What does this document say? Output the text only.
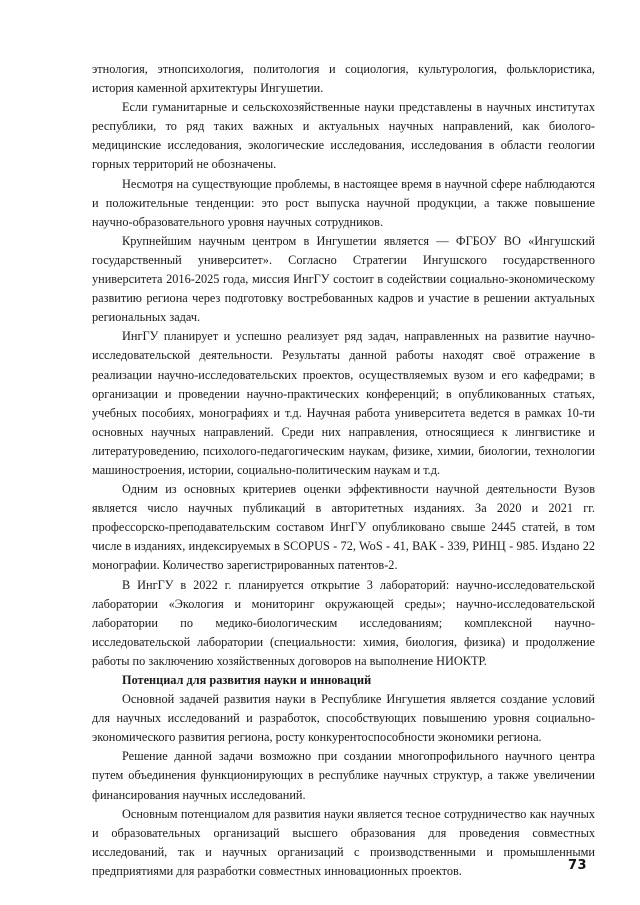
этнология, этнопсихология, политология и социология, культурология, фольклористика, история каменной архитектуры Ингушетии.

Если гуманитарные и сельскохозяйственные науки представлены в научных институтах республики, то ряд таких важных и актуальных научных направлений, как биолого-медицинские исследования, экологические исследования, исследования в области геологии горных территорий не обозначены.

Несмотря на существующие проблемы, в настоящее время в научной сфере наблюдаются и положительные тенденции: это рост выпуска научной продукции, а также повышение научно-образовательного уровня научных сотрудников.

Крупнейшим научным центром в Ингушетии является — ФГБОУ ВО «Ингушский государственный университет». Согласно Стратегии Ингушского государственного университета 2016-2025 года, миссия ИнгГУ состоит в содействии социально-экономическому развитию региона через подготовку востребованных кадров и участие в решении актуальных региональных задач.

ИнгГУ планирует и успешно реализует ряд задач, направленных на развитие научно-исследовательской деятельности. Результаты данной работы находят своё отражение в реализации научно-исследовательских проектов, осуществляемых вузом и его кафедрами; в организации и проведении научно-практических конференций; в опубликованных статьях, учебных пособиях, монографиях и т.д. Научная работа университета ведется в рамках 10-ти основных научных направлений. Среди них направления, относящиеся к лингвистике и литературоведению, психолого-педагогическим наукам, физике, химии, биологии, технологии машиностроения, истории, социально-политическим наукам и т.д.

Одним из основных критериев оценки эффективности научной деятельности Вузов является число научных публикаций в авторитетных изданиях. За 2020 и 2021 гг. профессорско-преподавательским составом ИнгГУ опубликовано свыше 2445 статей, в том числе в изданиях, индексируемых в SCOPUS - 72, WoS - 41, ВАК - 339, РИНЦ - 985. Издано 22 монографии. Количество зарегистрированных патентов-2.

В ИнгГУ в 2022 г. планируется открытие 3 лабораторий: научно-исследовательской лаборатории «Экология и мониторинг окружающей среды»; научно-исследовательской лаборатории по медико-биологическим исследованиям; комплексной научно-исследовательской лаборатории (специальности: химия, биология, физика) и продолжение работы по заключению хозяйственных договоров на выполнение НИОКТР.

Потенциал для развития науки и инноваций

Основной задачей развития науки в Республике Ингушетия является создание условий для научных исследований и разработок, способствующих повышению уровня социально-экономического развития региона, росту конкурентоспособности экономики региона.

Решение данной задачи возможно при создании многопрофильного научного центра путем объединения функционирующих в республике научных структур, а также увеличении финансирования научных исследований.

Основным потенциалом для развития науки является тесное сотрудничество как научных и образовательных организаций высшего образования для проведения совместных исследований, так и научных организаций с производственными и промышленными предприятиями для разработки совместных инновационных проектов.	73
